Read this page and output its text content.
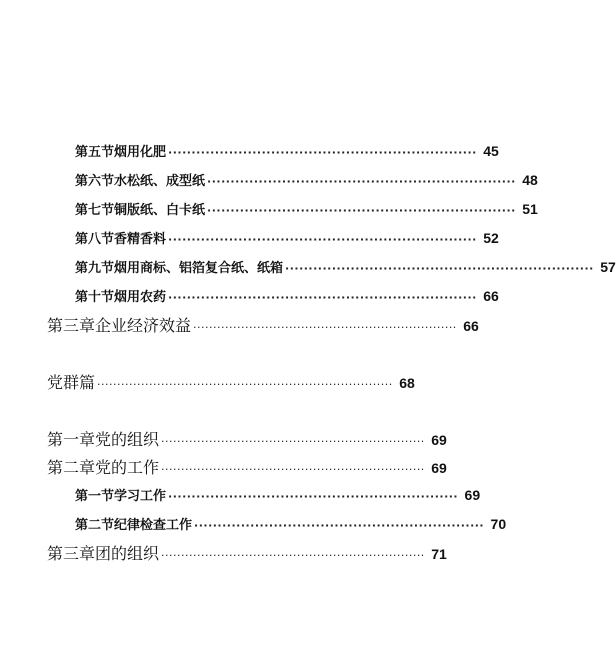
第五节 烟用化肥 ·································································· 45
第六节 水松纸、成型纸 ·································································· 48
第七节 铜版纸、白卡纸 ·································································· 51
第八节 香精香料 ·································································· 52
第九节 烟用商标、铝箔复合纸、纸箱 ·································································· 57
第十节 烟用农药 ·································································· 66
第三章 企业经济效益 ·································································· 66
党群篇 ·········································································· 68
第一章 党的组织 ·································································· 69
第二章 党的工作 ·································································· 69
第一节 学习工作 ······························································ 69
第二节 纪律检查工作 ······························································ 70
第三章 团的组织 ·································································· 71
